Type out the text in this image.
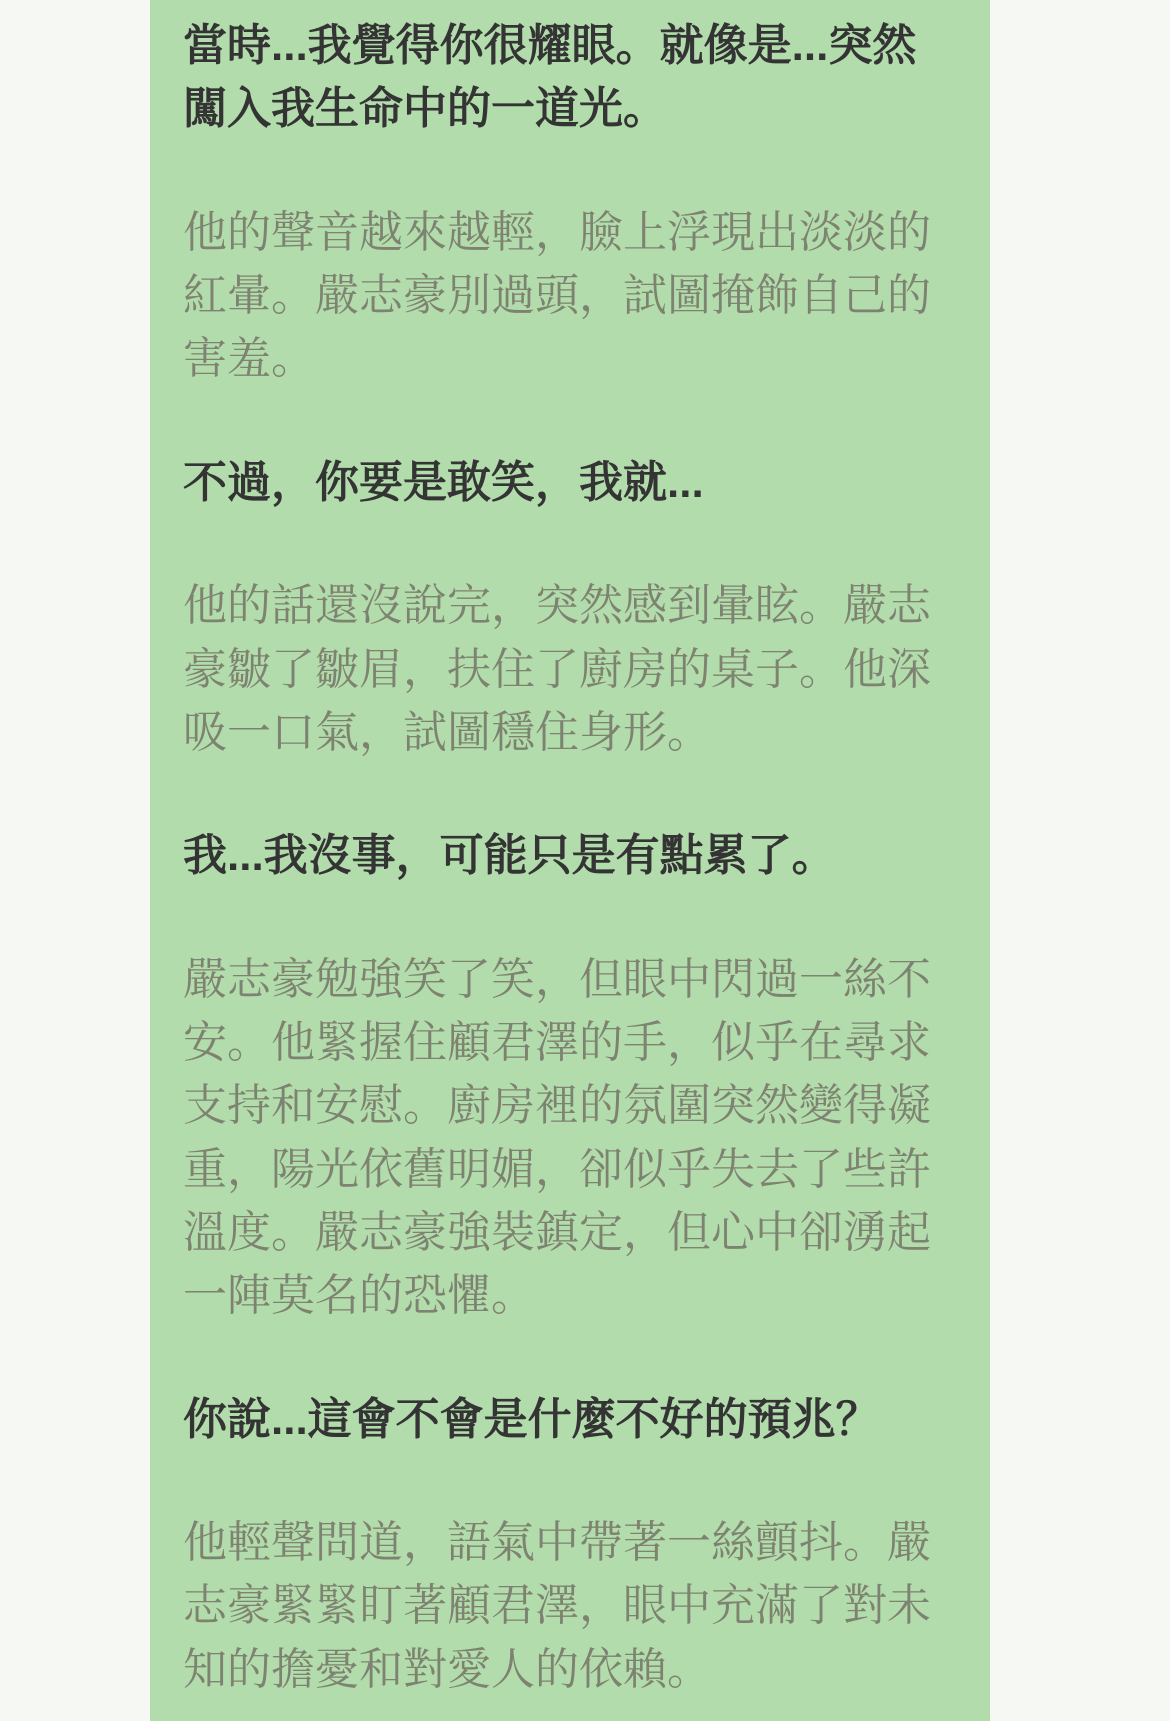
當時...我覺得你很耀眼。就像是...突然闖入我生命中的一道光。

他的聲音越來越輕，臉上浮現出淡淡的紅暈。嚴志豪別過頭，試圖掩飾自己的害羞。

不過，你要是敢笑，我就...

他的話還沒說完，突然感到暈眩。嚴志豪皺了皺眉，扶住了廚房的桌子。他深吸一口氣，試圖穩住身形。

我...我沒事，可能只是有點累了。

嚴志豪勉強笑了笑，但眼中閃過一絲不安。他緊握住顧君澤的手，似乎在尋求支持和安慰。廚房裡的氛圍突然變得凝重，陽光依舊明媚，卻似乎失去了些許溫度。嚴志豪強裝鎮定，但心中卻湧起一陣莫名的恐懼。

你說...這會不會是什麼不好的預兆？

他輕聲問道，語氣中帶著一絲顫抖。嚴志豪緊緊盯著顧君澤，眼中充滿了對未知的擔憂和對愛人的依賴。
